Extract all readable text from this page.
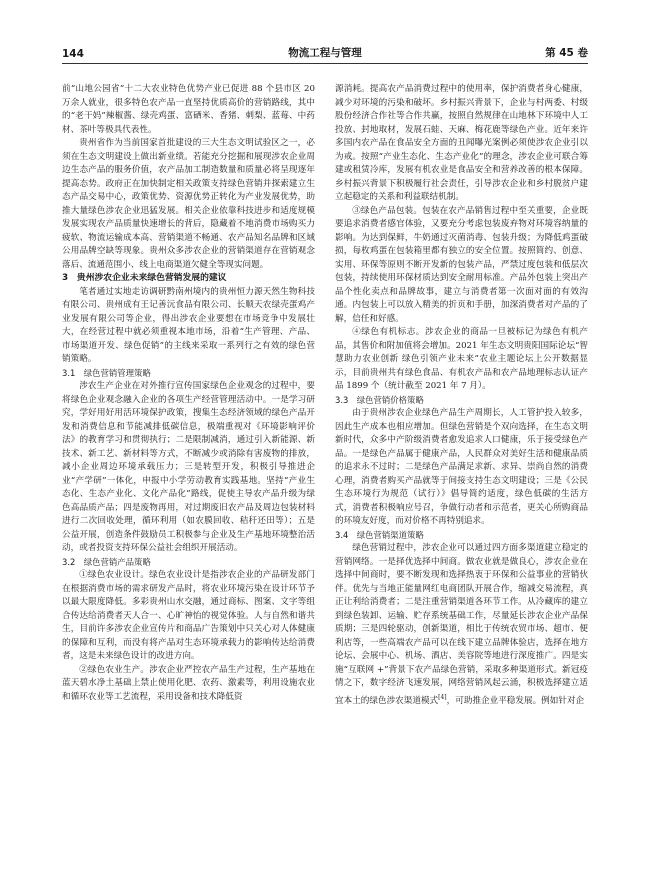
144	物流工程与管理	第 45 卷

前“山地公园省”十二大农业特色优势产业已促进 88 个县市区 20 万余人就业，很多特色农产品一直坚持优质高价的营销路线，其中的“老干妈”辣椒酱、绿壳鸡蛋、富硒米、香猪、刺梨、蓝莓、中药材、茶叶等极具代表性。

贵州省作为当前国家首批建设的三大生态文明试验区之一，必须在生态文明建设上做出新业绩。若能充分挖掘和展现涉农企业周边生态产品的服务价值，农产品加工制造数量和质量必将呈现逐年提高态势。政府正在加快制定相关政策支持绿色营销并探索建立生态产品交易中心，政策优势、资源优势正转化为产业发展优势，助推大量绿色涉农企业迅猛发展。相关企业依靠科技进步和适度规模发展实现农产品质量快速增长的背后，隐藏着不地消费市场购买力疲软、物流运输成本高、营销渠道不畅通、农产品知名品牌和区域公用品牌空缺等现象。贵州众多涉农企业的营销渠道存在营销观念落后、流通范围小、线上电商渠道欠健全等现实问题。

3　贵州涉农企业未来绿色营销发展的建议

笔者通过实地走访调研黔南州境内的贵州恒力源天然生物科技有限公司、贵州成有王记善沅食品有限公司、长顺天农绿壳蛋鸡产业发展有限公司等企业，得出涉农企业要想在市场竞争中发展壮大，在经营过程中就必须重视本地市场，沿着“生产管理、产品、市场渠道开发、绿色促销”的主线来采取一系列行之有效的绿色营销策略。

3.1　绿色营销管理策略

涉农生产企业在对外推行宣传国家绿色企业观念的过程中，要将绿色企业观念融入企业的各项生产经营管理活动中。一是学习研究，学好用好用活环境保护政策，搜集生态经济领域的绿色产品开发和消费信息和节能减排低碳信息，极端重视对《环境影响评价法》的教育学习和贯彻执行；二是限制减消，通过引入新能源、新技术、新工艺、新材料等方式，不断减少或消除有害废物的排放，减小企业周边环境承载压力；三是转型开发，积极引导推进企业“产学研”一体化，申报中小学劳动教育实践基地。坚持“产业生态化、生态产业化、文化产品化”路线，促使主导农产品升级为绿色高品质产品；四是废物再用，对过期废旧农产品及周边包装材料进行二次回收处理，循环利用（如农膜回收、秸秆还田等）；五是公益开展，创造条件鼓励员工积极参与企业及生产基地环境整治活动，或者投资支持环保公益社会组织开展活动。

3.2　绿色营销产品策略

①绿色农业设计。绿色农业设计是指涉农企业的产品研发部门在根据消费市场的需求研发产品时，将农业环境污染在设计环节予以最大限度降低。多彩贵州山水交融，通过商标、图案、文字等组合传达给消费者天人合一、心旷神怡的视觉体验。人与自然和谐共生，目前许多涉农企业宣传片和商品广告策划中只关心对人体健康的保障和互利，而没有将产品对生态环境承载力的影响传达给消费者，这是未来绿色设计的改进方向。

②绿色农业生产。涉农企业严控农产品生产过程，生产基地在蓝天碧水净土基础上禁止使用化肥、农药、激素等，利用设施农业和循环农业等工艺流程，采用设备和技术降低资

源消耗。提高农产品消费过程中的使用率，保护消费者身心健康，减少对环境的污染和破坏。乡村振兴背景下，企业与村两委、村级股份经济合作社等合作共赢，按照自然规律在山地林下环境中人工投放、封地取材，发展石蛙、天麻、梅花鹿等绿色产业。近年来许多国内农产品在食品安全方面的丑闻曝光案例必须使涉农企业引以为戒。按照“产业生态化、生态产业化”的理念，涉农企业可联合筹建或租赁冷库，发展有机农业是食品安全和营养改善的根本保障。乡村振兴背景下积极履行社会责任，引导涉农企业和乡村脱贫户建立起稳定的关系和利益联结机制。

③绿色产品包装。包装在农产品销售过程中至关重要，企业既要追求消费者感官体验，又要充分考虑包装废弃物对环境容纳量的影响。为达到保鲜，牛奶通过灭菌消毒、包装升级；为降低鸡蛋破损，每枚鸡蛋在包装箱里都有独立的安全位置。按照简约、创意、实用、环保等原则不断开发新的包装产品，严禁过度包装和低层次包装，持续使用环保材质达到安全耐用标准。产品外包装上突出产品个性化卖点和品牌故事，建立与消费者第一次面对面的有效沟通。内包装上可以放入精美的折页和手册，加深消费者对产品的了解，信任和好感。

④绿色有机标志。涉农企业的商品一旦被标记为绿色有机产品，其售价和附加值将会增加。2021 年生态文明贵阳国际论坛“智慧助力农业创新 绿色引领产业未来”农业主题论坛上公开数据显示，目前贵州共有绿色食品、有机农产品和农产品地理标志认证产品 1899 个（统计截至 2021 年 7 月）。

3.3　绿色营销价格策略

由于贵州涉农企业绿色产品生产周期长，人工管护投入较多，因此生产成本也相应增加。但绿色营销是个双向选择，在生态文明新时代，众多中产阶级消费者愈发追求人口健康，乐于接受绿色产品。一是绿色产品属于健康产品，人民群众对美好生活和健康品质的追求永不过时；二是绿色产品满足求新、求异、崇尚自然的消费心理，消费者购买产品就等于间接支持生态文明建设；三是《公民生态环境行为规范（试行）》倡导简约适度，绿色低碳的生活方式，消费者积极响应号召，争做行动者和示范者，更关心所购商品的环境友好度，而对价格不再特别追求。

3.4　绿色营销渠道策略

绿色营销过程中，涉农企业可以通过四方面多渠道建立稳定的营销网络。一是择优选择中间商。做农业就是做良心，涉农企业在选择中间商时，要不断发现和选择热衷于环保和公益事业的营销伙伴。优先与当地正能量网红电商团队开展合作，缩减交易流程，真正让利给消费者；二是注重营销渠道各环节工作。从冷藏库的建立到绿色装卸、运输、贮存系统基础工作，尽量延长涉农企业产品保质期；三是四轮驱动，创新渠道，相比于传统农贸市场、超市、便利店等，一些高端农产品可以在线下建立品牌体验店，选择在地方论坛、会展中心、机场、酒店、美容院等地进行深度推广。四是实施“互联网 +”背景下农产品绿色营销，采取多种渠道形式。新冠疫情之下，数字经济飞速发展，网络营销风起云涌，积极选择建立适宜本土的绿色涉农渠道模式[4]，可助推企业平稳发展。例如针对企
